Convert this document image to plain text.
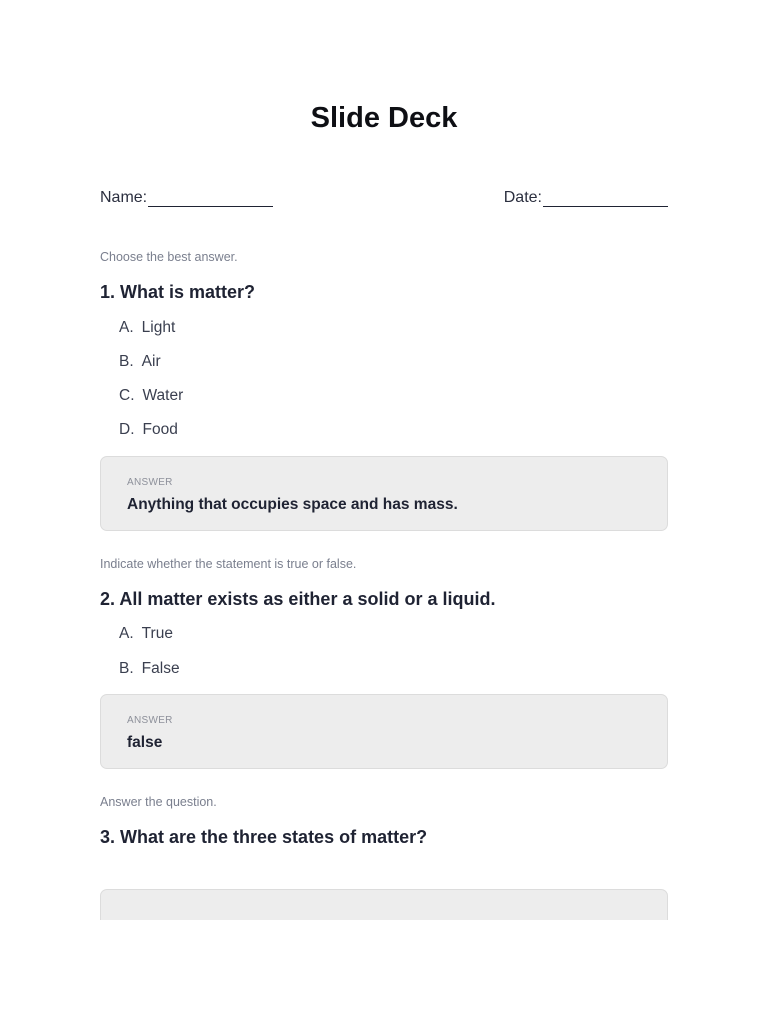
Slide Deck
Name:	Date:
Choose the best answer.
1. What is matter?
A. Light
B. Air
C. Water
D. Food
ANSWER
Anything that occupies space and has mass.
Indicate whether the statement is true or false.
2. All matter exists as either a solid or a liquid.
A. True
B. False
ANSWER
false
Answer the question.
3. What are the three states of matter?
